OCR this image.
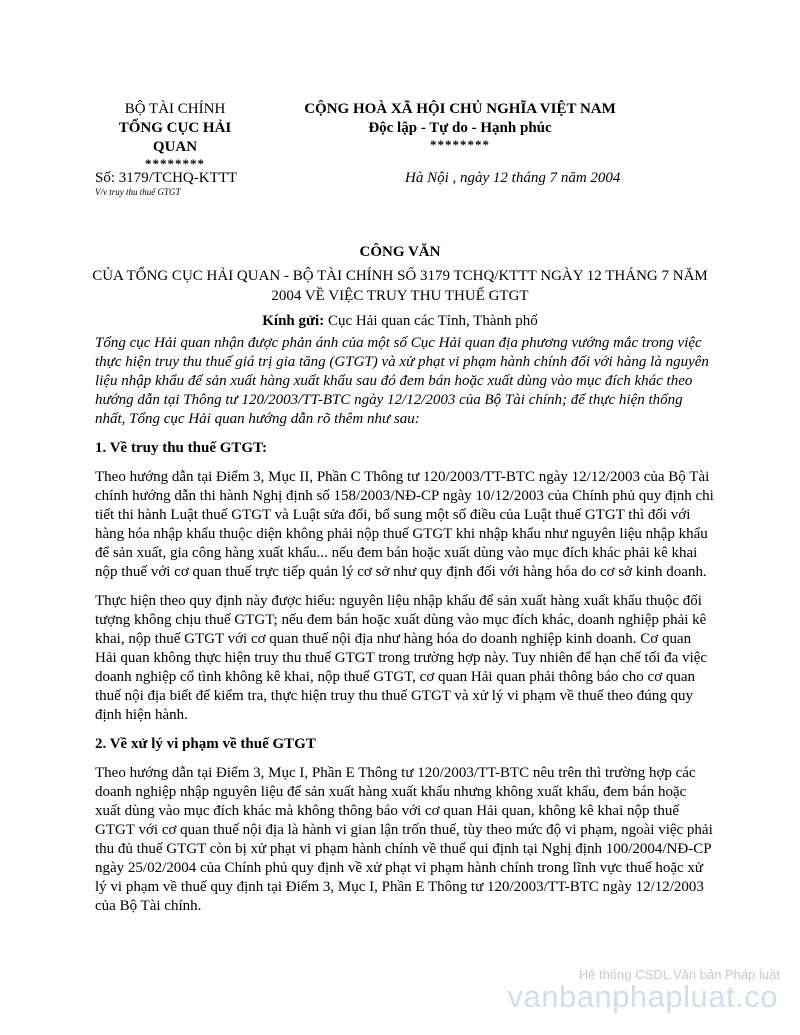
BỘ TÀI CHÍNH
TỔNG CỤC HẢI QUAN
********
CỘNG HOÀ XÃ HỘI CHỦ NGHĨA VIỆT NAM
Độc lập - Tự do - Hạnh phúc
********
Số: 3179/TCHQ-KTTT
V/v truy thu thuế GTGT
Hà Nội , ngày 12 tháng 7 năm 2004
CÔNG VĂN
CỦA TỔNG CỤC HẢI QUAN - BỘ TÀI CHÍNH SỐ 3179 TCHQ/KTTT NGÀY 12 THÁNG 7 NĂM 2004 VỀ VIỆC TRUY THU THUẾ GTGT
Kính gửi: Cục Hải quan các Tỉnh, Thành phố

Tổng cục Hải quan nhận được phản ánh của một số Cục Hải quan địa phương vướng mắc trong việc thực hiện truy thu thuế giá trị gia tăng (GTGT) và xử phạt vi phạm hành chính đối với hàng là nguyên liệu nhập khẩu để sản xuất hàng xuất khẩu sau đó đem bán hoặc xuất dùng vào mục đích khác theo hướng dẫn tại Thông tư 120/2003/TT-BTC ngày 12/12/2003 của Bộ Tài chính; để thực hiện thống nhất, Tổng cục Hải quan hướng dẫn rõ thêm như sau:

1. Về truy thu thuế GTGT:

Theo hướng dẫn tại Điểm 3, Mục II, Phần C Thông tư 120/2003/TT-BTC ngày 12/12/2003 của Bộ Tài chính hướng dẫn thi hành Nghị định số 158/2003/NĐ-CP ngày 10/12/2003 của Chính phủ quy định chi tiết thi hành Luật thuế GTGT và Luật sửa đổi, bổ sung một số điều của Luật thuế GTGT thì đối với hàng hóa nhập khẩu thuộc diện không phải nộp thuế GTGT khi nhập khẩu như nguyên liệu nhập khẩu để sản xuất, gia công hàng xuất khẩu... nếu đem bán hoặc xuất dùng vào mục đích khác phải kê khai nộp thuế với cơ quan thuế trực tiếp quản lý cơ sở như quy định đối với hàng hóa do cơ sở kinh doanh.

Thực hiện theo quy định này được hiểu: nguyên liệu nhập khẩu để sản xuất hàng xuất khẩu thuộc đối tượng không chịu thuế GTGT; nếu đem bán hoặc xuất dùng vào mục đích khác, doanh nghiệp phải kê khai, nộp thuế GTGT với cơ quan thuế nội địa như hàng hóa do doanh nghiệp kinh doanh. Cơ quan Hải quan không thực hiện truy thu thuế GTGT trong trường hợp này. Tuy nhiên để hạn chế tối đa việc doanh nghiệp cố tình không kê khai, nộp thuế GTGT, cơ quan Hải quan phải thông báo cho cơ quan thuế nội địa biết để kiểm tra, thực hiện truy thu thuế GTGT và xử lý vi phạm về thuế theo đúng quy định hiện hành.

2. Về xử lý vi phạm về thuế GTGT

Theo hướng dẫn tại Điểm 3, Mục I, Phần E Thông tư 120/2003/TT-BTC nêu trên thì trường hợp các doanh nghiệp nhập nguyên liệu để sản xuất hàng xuất khẩu nhưng không xuất khẩu, đem bán hoặc xuất dùng vào mục đích khác mà không thông báo với cơ quan Hải quan, không kê khai nộp thuế GTGT với cơ quan thuế nội địa là hành vi gian lận trốn thuế, tùy theo mức độ vi phạm, ngoài việc phải thu đủ thuế GTGT còn bị xử phạt vi phạm hành chính về thuế qui định tại Nghị định 100/2004/NĐ-CP ngày 25/02/2004 của Chính phủ quy định về xử phạt vi phạm hành chính trong lĩnh vực thuế hoặc xử lý vi phạm về thuế quy định tại Điểm 3, Mục I, Phần E Thông tư 120/2003/TT-BTC ngày 12/12/2003 của Bộ Tài chính.

Hệ thống CSDL Văn bản Pháp luật
vanbanphapluat.co
